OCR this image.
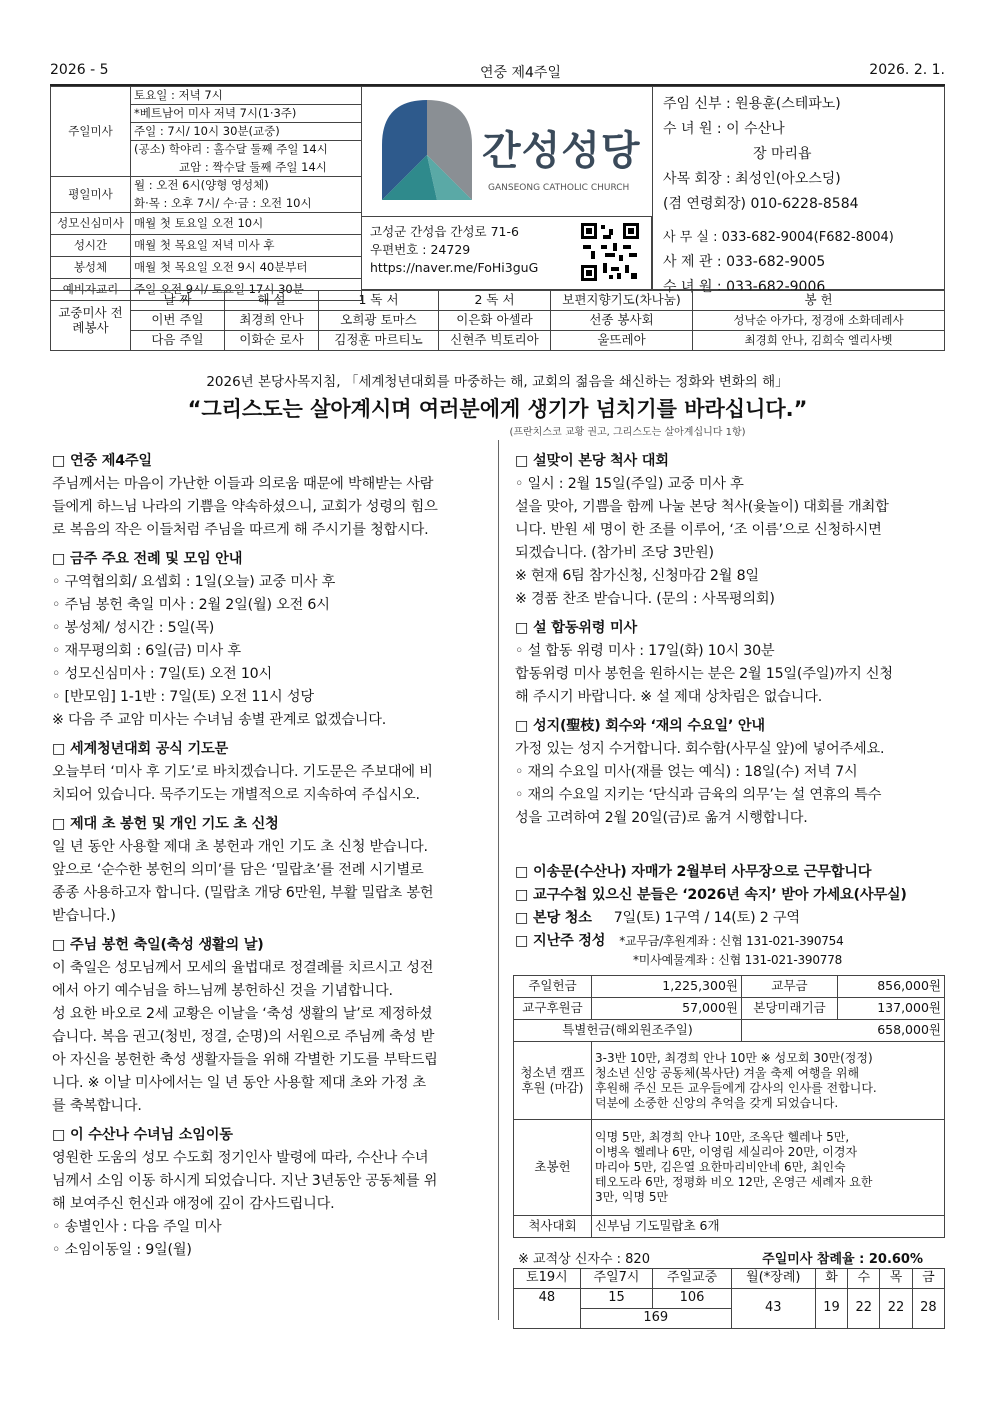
2026 - 5	연중 제4주일	2026. 2. 1.
주일미사	토요일 : 저녁 7시
	*베트남어 미사 저녁 7시(1·3주)
	주일 : 7시/ 10시 30분(교중)
	(공소) 학야리 : 홀수달 둘째 주일 14시
	교암 : 짝수달 둘째 주일 14시
평일미사	월 : 오전 6시(양형 영성체)
	화·목 : 오후 7시/ 수·금 : 오전 10시
성모신심미사	매월 첫 토요일 오전 10시
성시간	매월 첫 목요일 저녁 미사 후
봉성체	매월 첫 목요일 오전 9시 40분부터
예비자교리	주일 오전 9시/ 토요일 17시 30분
간성성당
GANSEONG CATHOLIC CHURCH
고성군 간성읍 간성로 71-6
우편번호 : 24729
https://naver.me/FoHi3guG
주임 신부 : 원용훈(스테파노)
수 녀 원 : 이 수산나
장 마리욥
사목 회장 : 최성인(아오스딩)
(겸 연령회장) 010-6228-8584
사 무 실 : 033-682-9004(F682-8004)
사 제 관 : 033-682-9005
수 녀 원 : 033-682-9006
교중미사 전례봉사	날 짜	해 설	1 독 서	2 독 서	보편지향기도(차나눔)	봉 헌
	이번 주일	최경희 안나	오희광 토마스	이은화 아셀라	선종 봉사회	성낙순 아가다, 정경애 소화데레사
	다음 주일	이화순 로사	김정훈 마르티노	신현주 빅토리아	울뜨레아	최경희 안나, 김희숙 엘리사벳
2026년 본당사목지침, 「세계청년대회를 마중하는 해, 교회의 젊음을 쇄신하는 정화와 변화의 해」
“그리스도는 살아계시며 여러분에게 생기가 넘치기를 바라십니다.”
(프란치스코 교황 권고, 그리스도는 살아계십니다 1항)
□ 연중 제4주일

주님께서는 마음이 가난한 이들과 의로움 때문에 박해받는 사람

들에게 하느님 나라의 기쁨을 약속하셨으니, 교회가 성령의 힘으

로 복음의 작은 이들처럼 주님을 따르게 해 주시기를 청합시다.

□ 금주 주요 전례 및 모임 안내

◦ 구역협의회/ 요셉회 : 1일(오늘) 교중 미사 후

◦ 주님 봉헌 축일 미사 : 2월 2일(월) 오전 6시

◦ 봉성체/ 성시간 : 5일(목)

◦ 재무평의회 : 6일(금) 미사 후

◦ 성모신심미사 : 7일(토) 오전 10시

◦ [반모임] 1-1반 : 7일(토) 오전 11시 성당

※ 다음 주 교암 미사는 수녀님 송별 관계로 없겠습니다.

□ 세계청년대회 공식 기도문

오늘부터 ‘미사 후 기도’로 바치겠습니다. 기도문은 주보대에 비

치되어 있습니다. 묵주기도는 개별적으로 지속하여 주십시오.

□ 제대 초 봉헌 및 개인 기도 초 신청

일 년 동안 사용할 제대 초 봉헌과 개인 기도 초 신청 받습니다.

앞으로 ‘순수한 봉헌의 의미’를 담은 ‘밀랍초’를 전례 시기별로

종종 사용하고자 합니다. (밀랍초 개당 6만원, 부활 밀랍초 봉헌

받습니다.)

□ 주님 봉헌 축일(축성 생활의 날)

이 축일은 성모님께서 모세의 율법대로 정결례를 치르시고 성전

에서 아기 예수님을 하느님께 봉헌하신 것을 기념합니다.

성 요한 바오로 2세 교황은 이날을 ‘축성 생활의 날’로 제정하셨

습니다. 복음 권고(청빈, 정결, 순명)의 서원으로 주님께 축성 받

아 자신을 봉헌한 축성 생활자들을 위해 각별한 기도를 부탁드립

니다. ※ 이날 미사에서는 일 년 동안 사용할 제대 초와 가정 초

를 축복합니다.

□ 이 수산나 수녀님 소임이동

영원한 도움의 성모 수도회 정기인사 발령에 따라, 수산나 수녀

님께서 소임 이동 하시게 되었습니다. 지난 3년동안 공동체를 위

해 보여주신 헌신과 애정에 깊이 감사드립니다.

◦ 송별인사 : 다음 주일 미사

◦ 소임이동일 : 9일(월)

□ 설맞이 본당 척사 대회

◦ 일시 : 2월 15일(주일) 교중 미사 후

설을 맞아, 기쁨을 함께 나눌 본당 척사(윷놀이) 대회를 개최합

니다. 반원 세 명이 한 조를 이루어, ‘조 이름’으로 신청하시면

되겠습니다. (참가비 조당 3만원)

※ 현재 6팀 참가신청, 신청마감 2월 8일

※ 경품 찬조 받습니다. (문의 : 사목평의회)

□ 설 합동위령 미사

◦ 설 합동 위령 미사 : 17일(화) 10시 30분

합동위령 미사 봉헌을 원하시는 분은 2월 15일(주일)까지 신청

해 주시기 바랍니다. ※ 설 제대 상차림은 없습니다.

□ 성지(聖枝) 회수와 ‘재의 수요일’ 안내

가정 있는 성지 수거합니다. 회수함(사무실 앞)에 넣어주세요.

◦ 재의 수요일 미사(재를 얹는 예식) : 18일(수) 저녁 7시

◦ 재의 수요일 지키는 ‘단식과 금육의 의무’는 설 연휴의 특수

성을 고려하여 2월 20일(금)로 옮겨 시행합니다.

□ 이송문(수산나) 자매가 2월부터 사무장으로 근무합니다
□ 교구수첩 있으신 분들은 ‘2026년 속지’ 받아 가세요(사무실)
□ 본당 청소 7일(토) 1구역 / 14(토) 2 구역
□ 지난주 정성 *교무금/후원계좌 : 신협 131-021-390754
*미사예물계좌 : 신협 131-021-390778
주일헌금	1,225,300원	교무금	856,000원
교구후원금	57,000원	본당미래기금	137,000원
특별헌금(해외원조주일)		658,000원	
청소년 캠프 후원 (마감)	3-3반 10만, 최경희 안나 10만 ※ 성모회 30만(정정)
청소년 신앙 공동체(복사단) 겨울 축제 여행을 위해
후원해 주신 모든 교우들에게 감사의 인사를 전합니다.
덕분에 소중한 신앙의 추억을 갖게 되었습니다.		

초봉헌	익명 5만, 최경희 안나 10만, 조옥단 헬레나 5만,
이병옥 헬레나 6만, 이영림 세실리아 20만, 이경자
마리아 5만, 김은열 요한마리비안네 6만, 최인숙
테오도라 6만, 정평화 비오 12만, 온영근 세례자 요한
3만, 익명 5만		

척사대회	신부님 기도밀랍초 6개		
※ 교적상 신자수 : 820	주일미사 참례율 : 20.60%
토19시	주일7시	주일교중	월(*장례)	화	수	목	금
48	15	106	43	19	22	22	28
	169						
